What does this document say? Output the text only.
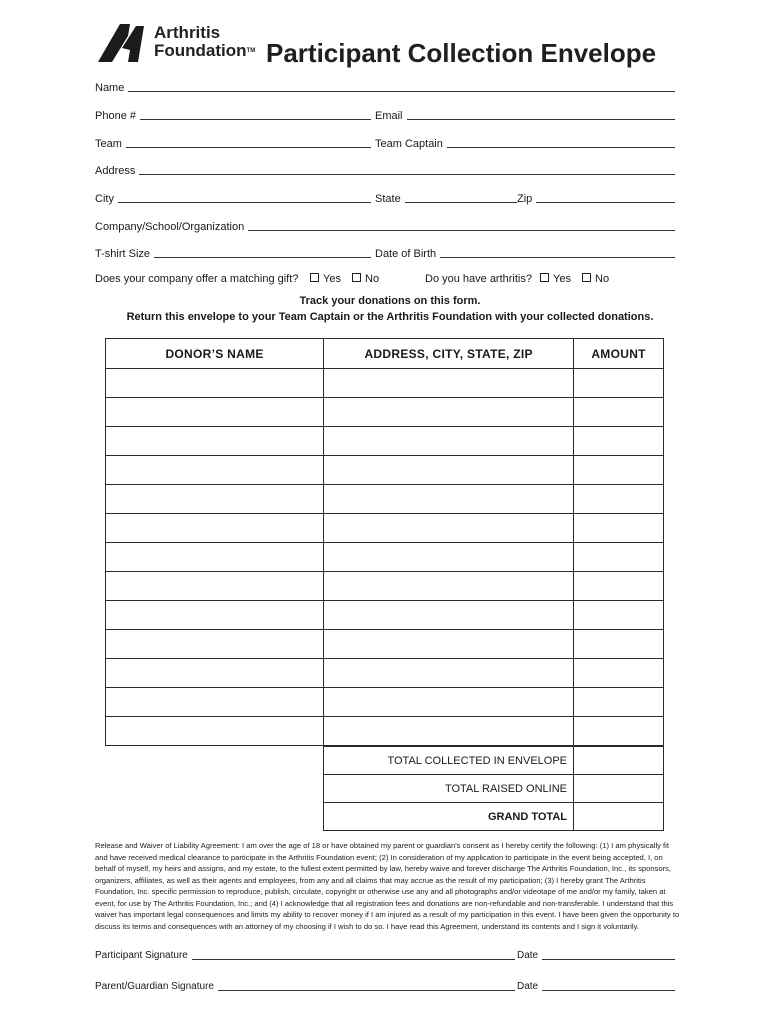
Arthritis
Foundation™ Participant Collection Envelope
Name
Phone #	Email
Team	Team Captain
Address
City	State	Zip
Company/School/Organization
T-shirt Size	Date of Birth
Does your company offer a matching gift?	Yes	No	Do you have arthritis?	Yes	No
Track your donations on this form.
Return this envelope to your Team Captain or the Arthritis Foundation with your collected donations.
DONOR’S NAME	ADDRESS, CITY, STATE, ZIP	AMOUNT

TOTAL COLLECTED IN ENVELOPE	
TOTAL RAISED ONLINE	
GRAND TOTAL	
Release and Waiver of Liability Agreement: I am over the age of 18 or have obtained my parent or guardian's consent as I hereby certify the following: (1) I am physically fit and have received medical clearance to participate in the Arthritis Foundation event; (2) In consideration of my application to participate in the event being accepted, I, on behalf of myself, my heirs and assigns, and my estate, to the fullest extent permitted by law, hereby waive and forever discharge The Arthritis Foundation, Inc., its sponsors, organizers, affiliates, as well as their agents and employees, from any and all claims that may accrue as the result of my participation; (3) I hereby grant The Arthritis Foundation, Inc. specific permission to reproduce, publish, circulate, copyright or otherwise use any and all photographs and/or videotape of me and/or my family, taken at event, for use by The Arthritis Foundation, Inc.; and (4) I acknowledge that all registration fees and donations are non-refundable and non-transferable. I understand that this waiver has important legal consequences and limits my ability to recover money if I am injured as a result of my participation in this event. I have been given the opportunity to discuss its terms and consequences with an attorney of my choosing if I wish to do so. I have read this Agreement, understand its contents and I sign it voluntarily.
Participant Signature	Date
Parent/Guardian Signature	Date
